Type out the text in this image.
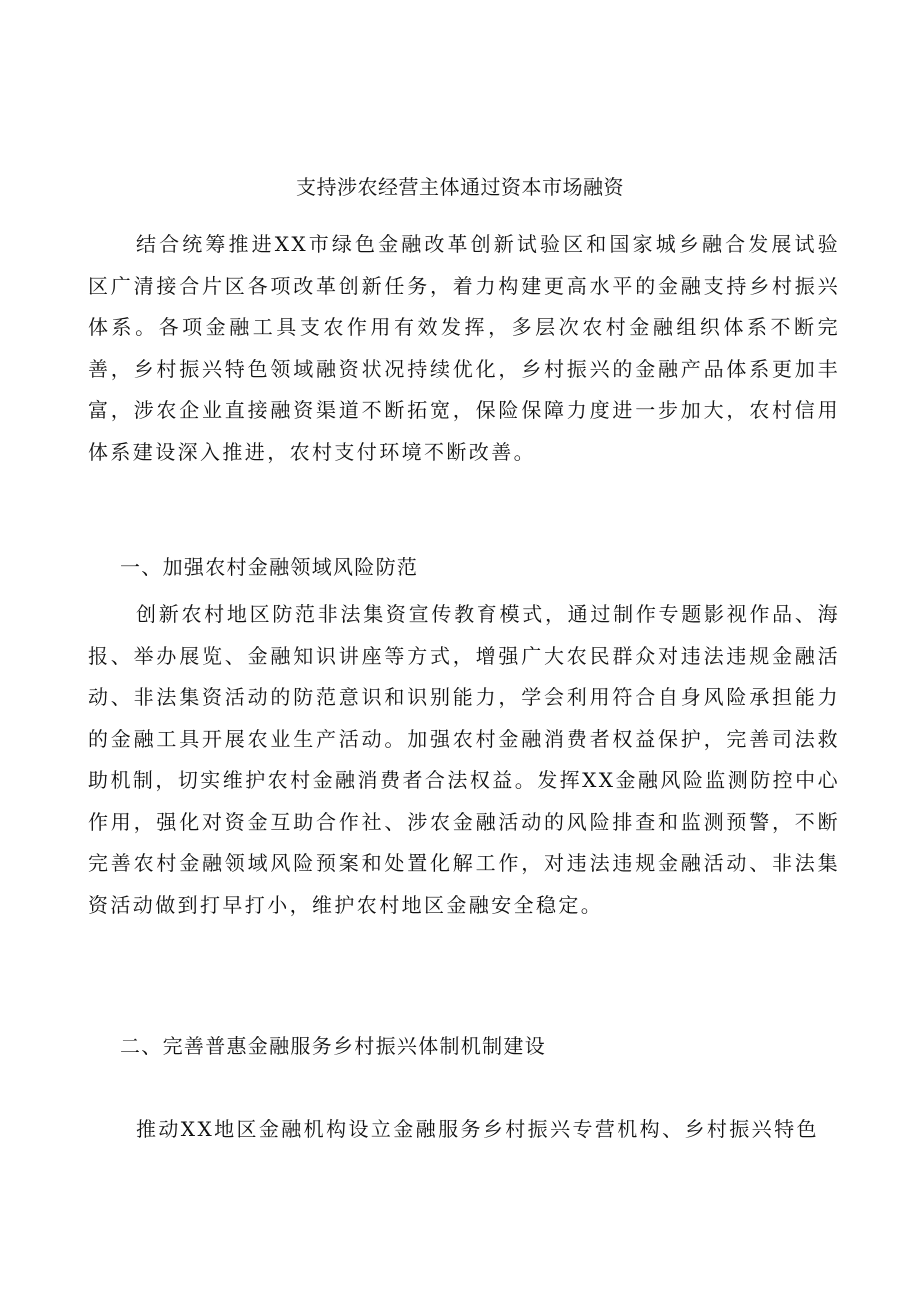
支持涉农经营主体通过资本市场融资

结合统筹推进XX市绿色金融改革创新试验区和国家城乡融合发展试验区广清接合片区各项改革创新任务，着力构建更高水平的金融支持乡村振兴体系。各项金融工具支农作用有效发挥，多层次农村金融组织体系不断完善，乡村振兴特色领域融资状况持续优化，乡村振兴的金融产品体系更加丰富，涉农企业直接融资渠道不断拓宽，保险保障力度进一步加大，农村信用体系建设深入推进，农村支付环境不断改善。

一、加强农村金融领域风险防范

创新农村地区防范非法集资宣传教育模式，通过制作专题影视作品、海报、举办展览、金融知识讲座等方式，增强广大农民群众对违法违规金融活动、非法集资活动的防范意识和识别能力，学会利用符合自身风险承担能力的金融工具开展农业生产活动。加强农村金融消费者权益保护，完善司法救助机制，切实维护农村金融消费者合法权益。发挥XX金融风险监测防控中心作用，强化对资金互助合作社、涉农金融活动的风险排查和监测预警，不断完善农村金融领域风险预案和处置化解工作，对违法违规金融活动、非法集资活动做到打早打小，维护农村地区金融安全稳定。

二、完善普惠金融服务乡村振兴体制机制建设

推动XX地区金融机构设立金融服务乡村振兴专营机构、乡村振兴特色
